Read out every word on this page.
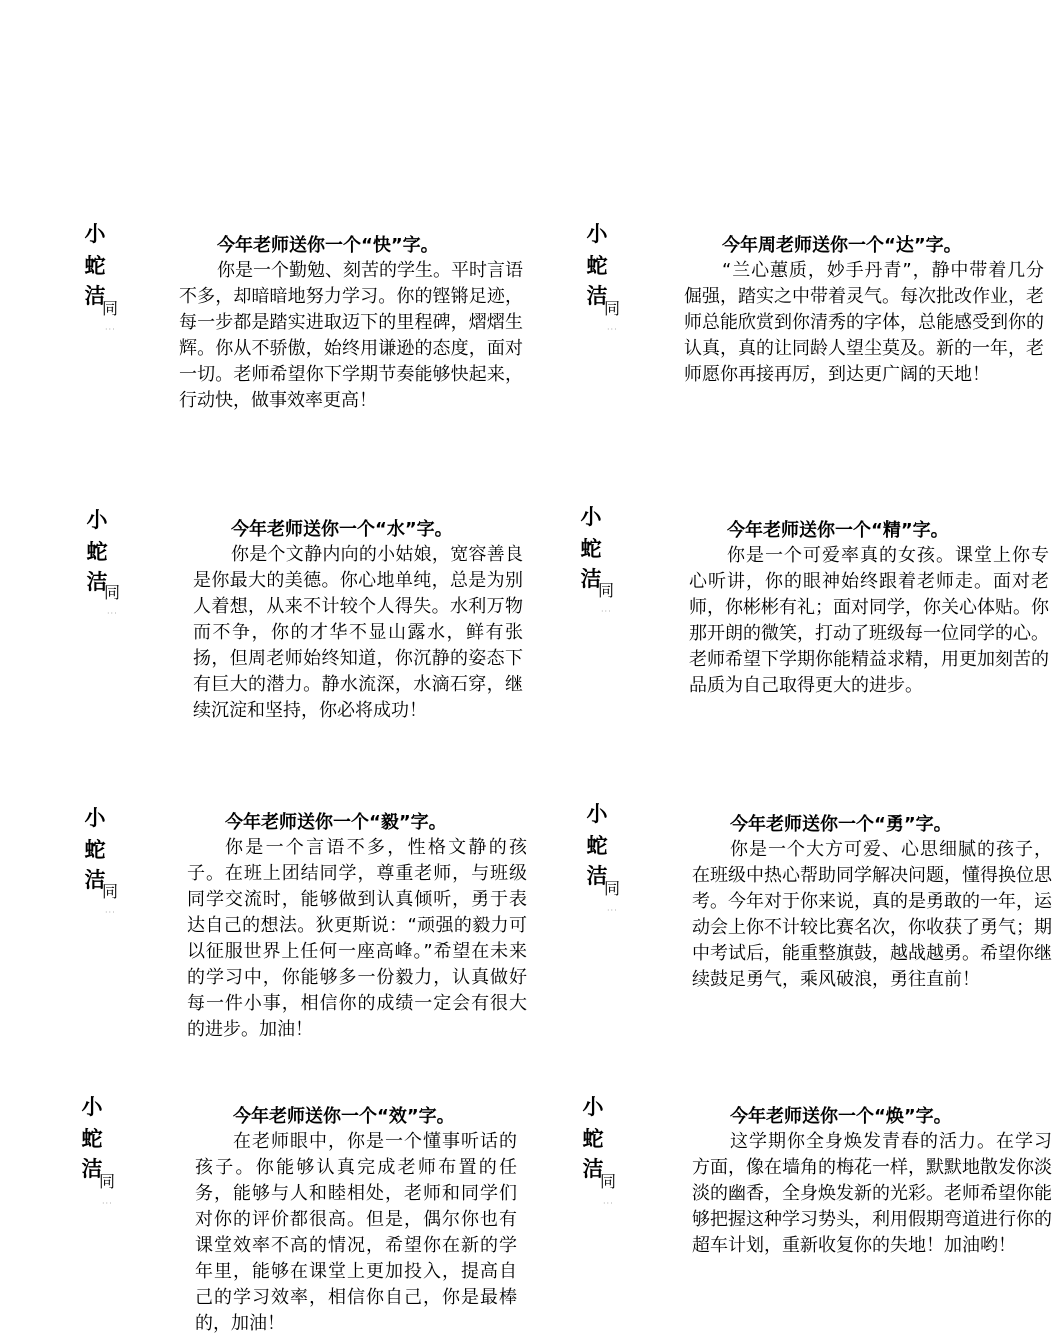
小
蛇
洁
同
···

今年老师送你一个“快”字。

你是一个勤勉、刻苦的学生。平时言语不多，却暗暗地努力学习。你的铿锵足迹，每一步都是踏实进取迈下的里程碑，熠熠生辉。你从不骄傲，始终用谦逊的态度，面对一切。老师希望你下学期节奏能够快起来，行动快，做事效率更高！

小
蛇
洁
同
···

今年周老师送你一个“达”字。

“兰心蕙质，妙手丹青”，静中带着几分倔强，踏实之中带着灵气。每次批改作业，老师总能欣赏到你清秀的字体，总能感受到你的认真，真的让同龄人望尘莫及。新的一年，老师愿你再接再厉，到达更广阔的天地！

小
蛇
洁
同
···

今年老师送你一个“水”字。

你是个文静内向的小姑娘，宽容善良是你最大的美德。你心地单纯，总是为别人着想，从来不计较个人得失。水利万物而不争，你的才华不显山露水，鲜有张扬，但周老师始终知道，你沉静的姿态下有巨大的潜力。静水流深，水滴石穿，继续沉淀和坚持，你必将成功！

小
蛇
洁
同
···

今年老师送你一个“精”字。

你是一个可爱率真的女孩。课堂上你专心听讲，你的眼神始终跟着老师走。面对老师，你彬彬有礼；面对同学，你关心体贴。你那开朗的微笑，打动了班级每一位同学的心。老师希望下学期你能精益求精，用更加刻苦的品质为自己取得更大的进步。

小
蛇
洁
同
···

今年老师送你一个“毅”字。

你是一个言语不多，性格文静的孩子。在班上团结同学，尊重老师，与班级同学交流时，能够做到认真倾听，勇于表达自己的想法。狄更斯说：“顽强的毅力可以征服世界上任何一座高峰。”希望在未来的学习中，你能够多一份毅力，认真做好每一件小事，相信你的成绩一定会有很大的进步。加油！

小
蛇
洁
同
···

今年老师送你一个“勇”字。

你是一个大方可爱、心思细腻的孩子，在班级中热心帮助同学解决问题，懂得换位思考。今年对于你来说，真的是勇敢的一年，运动会上你不计较比赛名次，你收获了勇气；期中考试后，能重整旗鼓，越战越勇。希望你继续鼓足勇气，乘风破浪，勇往直前！

小
蛇
洁
同
···

今年老师送你一个“效”字。

在老师眼中，你是一个懂事听话的孩子。你能够认真完成老师布置的任务，能够与人和睦相处，老师和同学们对你的评价都很高。但是，偶尔你也有课堂效率不高的情况，希望你在新的学年里，能够在课堂上更加投入，提高自己的学习效率，相信你自己，你是最棒的，加油！

小
蛇
洁
同
···

今年老师送你一个“焕”字。

这学期你全身焕发青春的活力。在学习方面，像在墙角的梅花一样，默默地散发你淡淡的幽香，全身焕发新的光彩。老师希望你能够把握这种学习势头，利用假期弯道进行你的超车计划，重新收复你的失地！加油哟！
